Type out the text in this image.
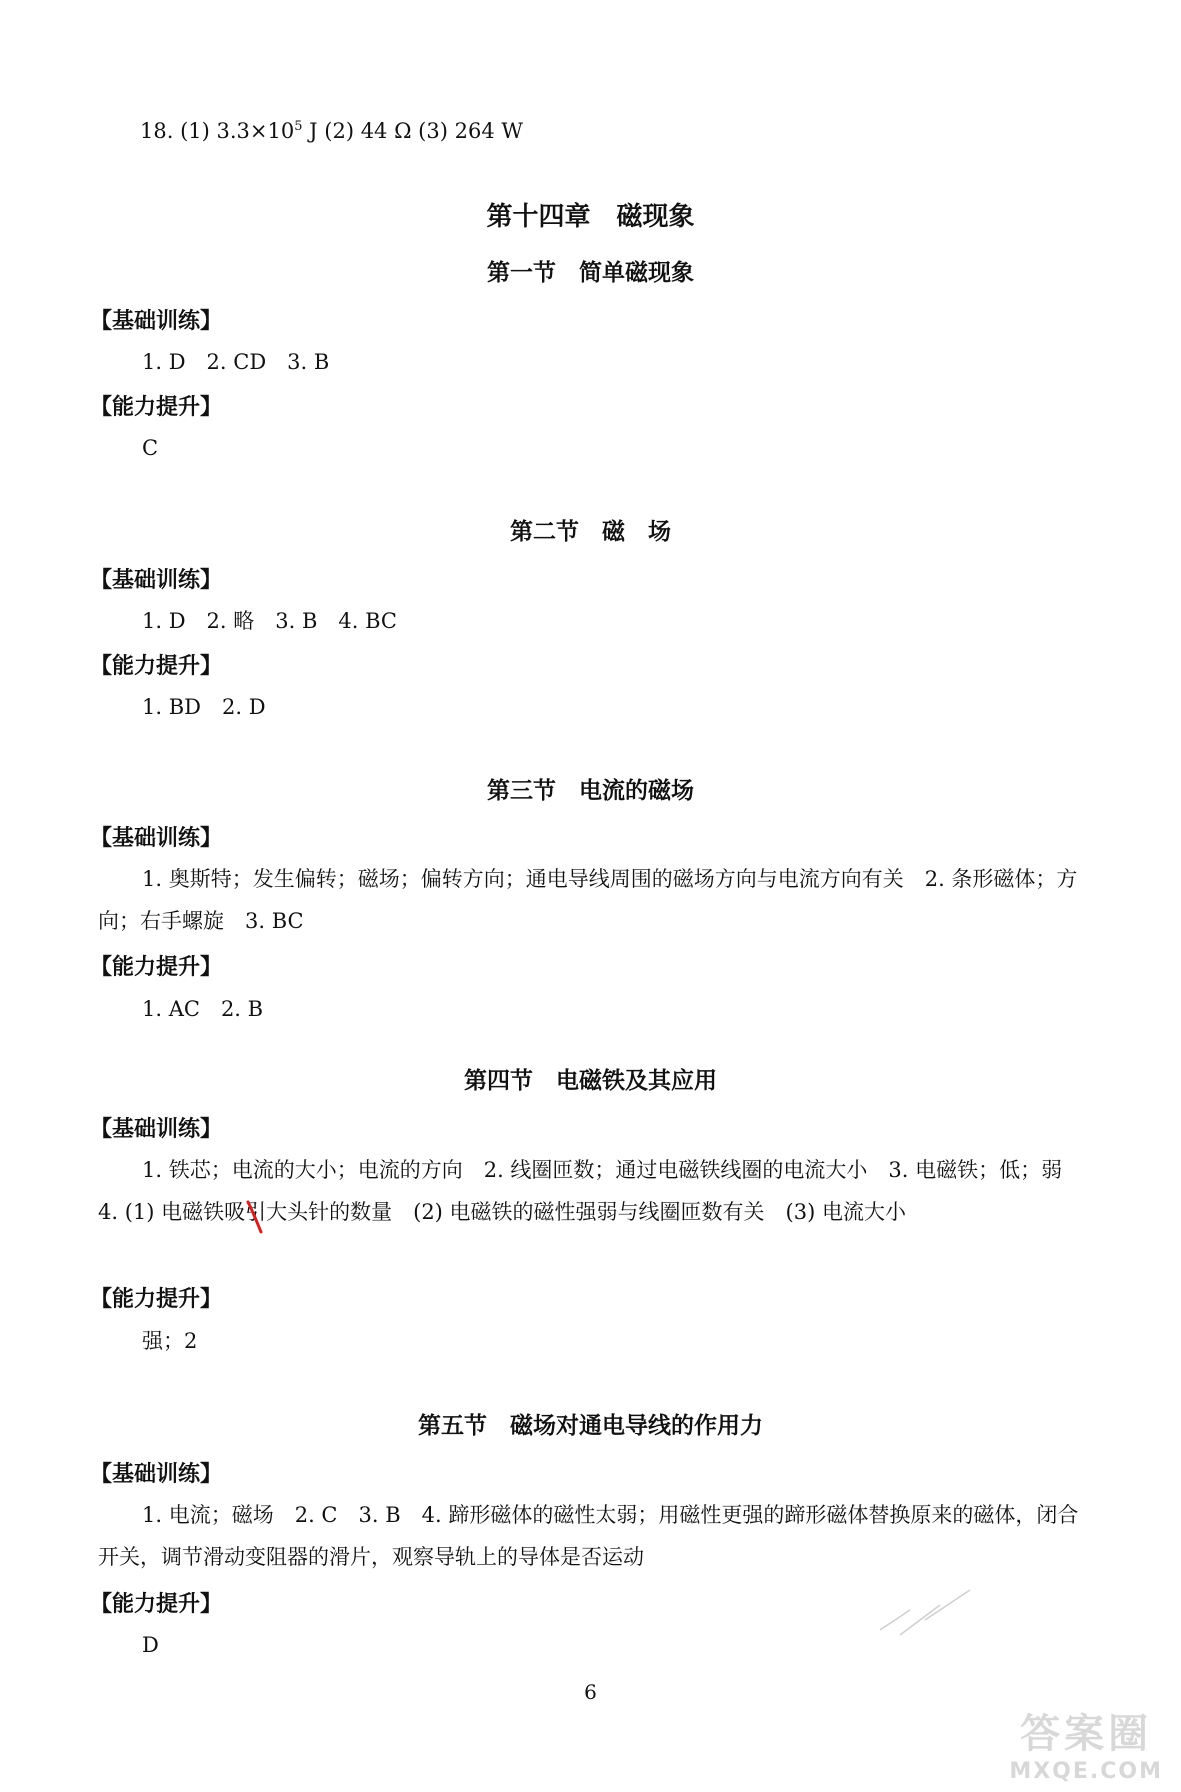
18. (1) $3.3\times 10^5$ J (2) 44 Ω (3) 264 W
第十四章　磁现象
第一节　简单磁现象
【基础训练】
1. D　2. CD　3. B
【能力提升】
C
第二节　磁　场
【基础训练】
1. D　2. 略　3. B　4. BC
【能力提升】
1. BD　2. D
第三节　电流的磁场
【基础训练】
1. 奥斯特；发生偏转；磁场；偏转方向；通电导线周围的磁场方向与电流方向有关　2. 条形磁体；方向；右手螺旋　3. BC
【能力提升】
1. AC　2. B
第四节　电磁铁及其应用
【基础训练】
1. 铁芯；电流的大小；电流的方向　2. 线圈匝数；通过电磁铁线圈的电流大小　3. 电磁铁；低；弱　4. (1) 电磁铁吸引大头针的数量　(2) 电磁铁的磁性强弱与线圈匝数有关　(3) 电流大小
【能力提升】
强；2
第五节　磁场对通电导线的作用力
【基础训练】
1. 电流；磁场　2. C　3. B　4. 蹄形磁体的磁性太弱；用磁性更强的蹄形磁体替换原来的磁体，闭合开关，调节滑动变阻器的滑片，观察导轨上的导体是否运动
【能力提升】
D
6
答案圈
MXQE.COM
